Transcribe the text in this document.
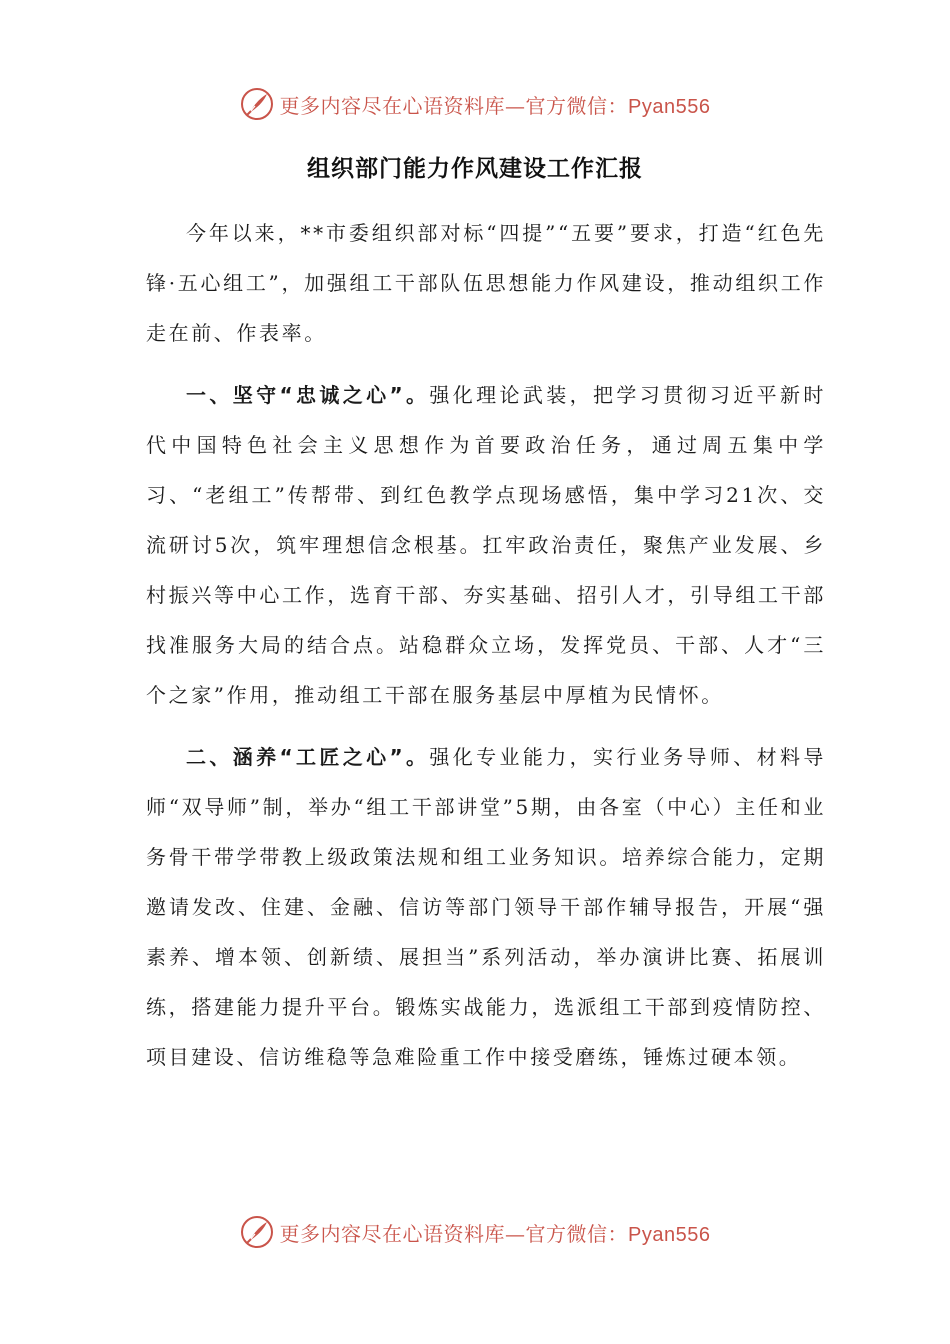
更多内容尽在心语资料库—官方微信：Pyan556
组织部门能力作风建设工作汇报

今年以来，**市委组织部对标“四提”“五要”要求，打造“红色先锋·五心组工”，加强组工干部队伍思想能力作风建设，推动组织工作走在前、作表率。

一、坚守“忠诚之心”。强化理论武装，把学习贯彻习近平新时代中国特色社会主义思想作为首要政治任务，通过周五集中学习、“老组工”传帮带、到红色教学点现场感悟，集中学习21次、交流研讨5次，筑牢理想信念根基。扛牢政治责任，聚焦产业发展、乡村振兴等中心工作，选育干部、夯实基础、招引人才，引导组工干部找准服务大局的结合点。站稳群众立场，发挥党员、干部、人才“三个之家”作用，推动组工干部在服务基层中厚植为民情怀。

二、涵养“工匠之心”。强化专业能力，实行业务导师、材料导师“双导师”制，举办“组工干部讲堂”5期，由各室（中心）主任和业务骨干带学带教上级政策法规和组工业务知识。培养综合能力，定期邀请发改、住建、金融、信访等部门领导干部作辅导报告，开展“强素养、增本领、创新绩、展担当”系列活动，举办演讲比赛、拓展训练，搭建能力提升平台。锻炼实战能力，选派组工干部到疫情防控、项目建设、信访维稳等急难险重工作中接受磨练，锤炼过硬本领。

更多内容尽在心语资料库—官方微信：Pyan556
